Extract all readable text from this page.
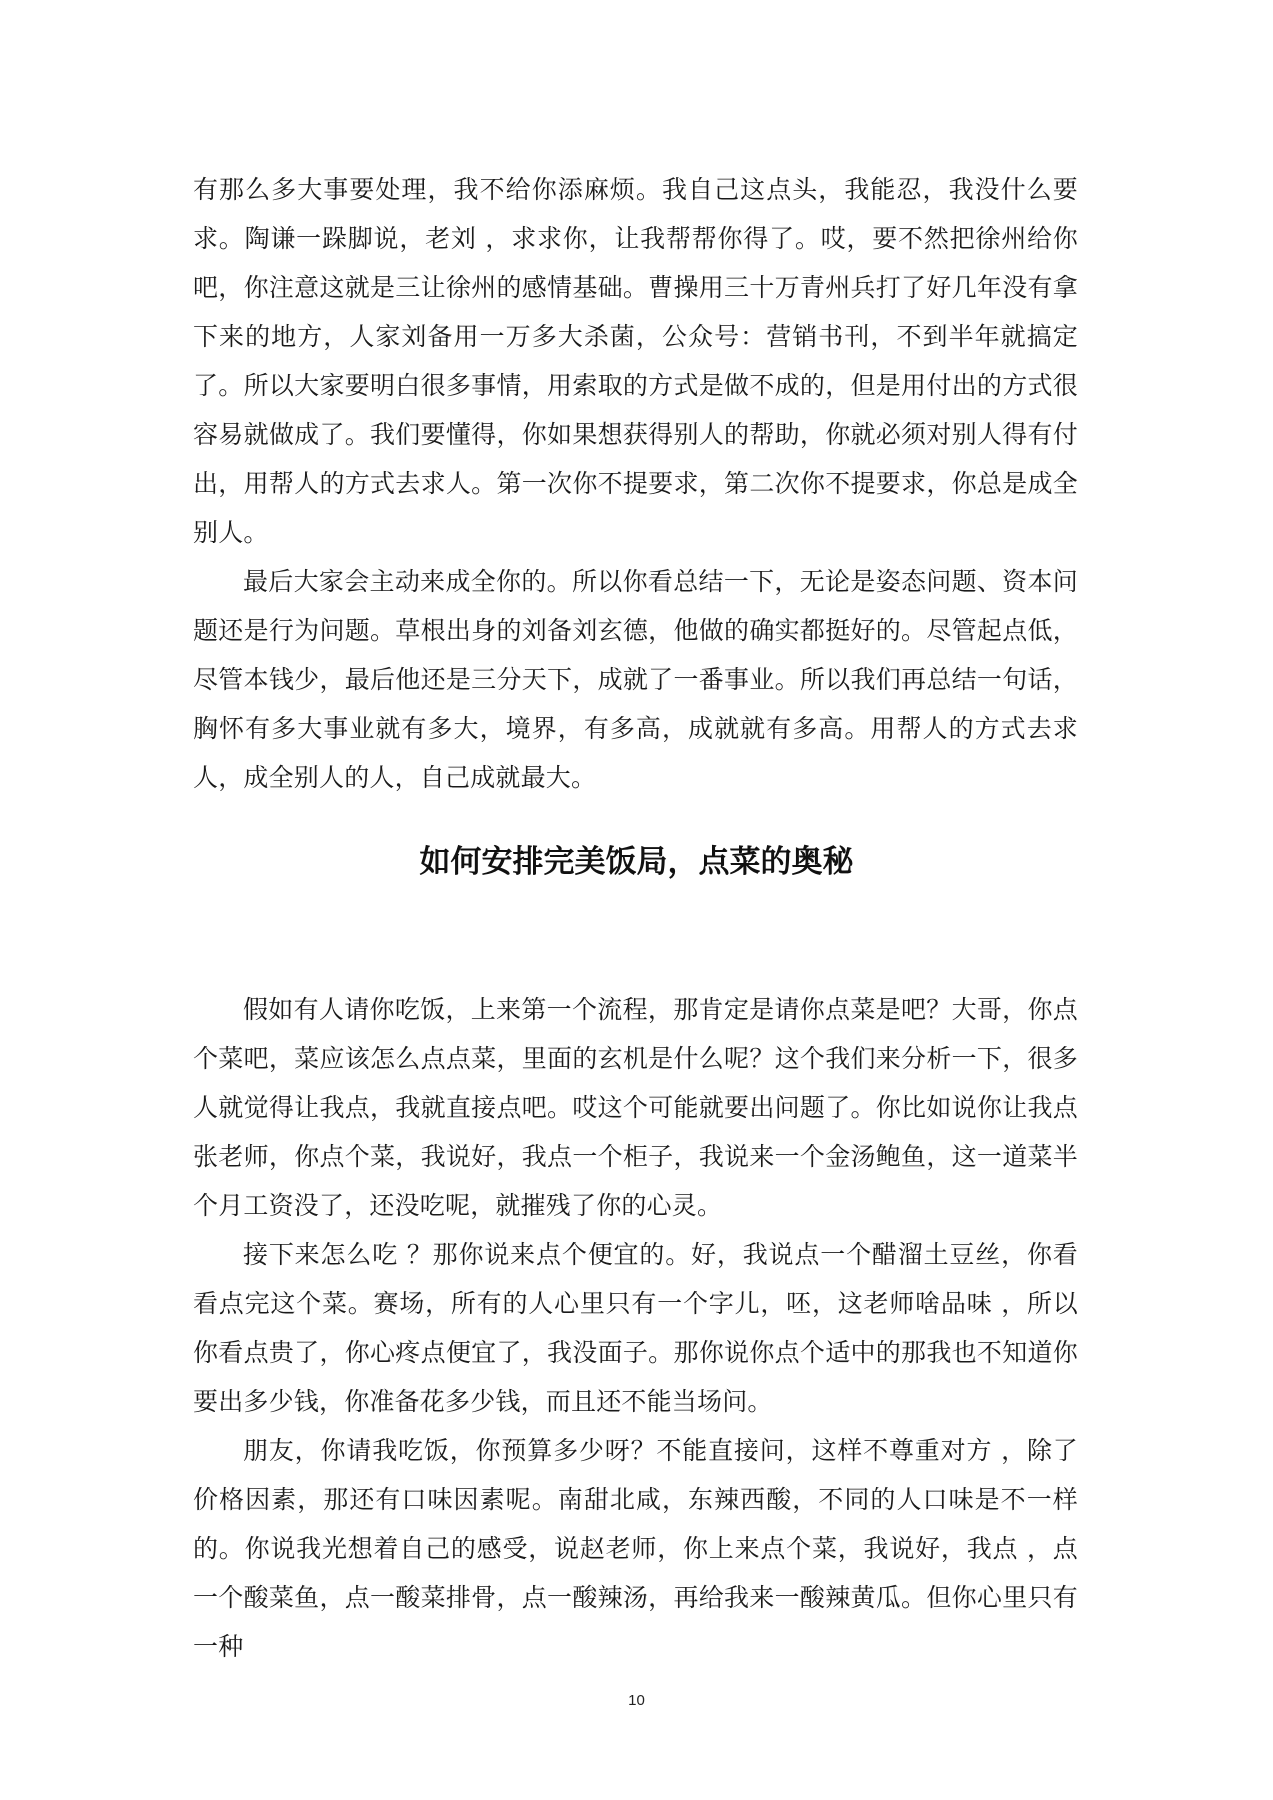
有那么多大事要处理，我不给你添麻烦。我自己这点头，我能忍，我没什么要求。陶谦一跺脚说，老刘 ，求求你，让我帮帮你得了。哎，要不然把徐州给你吧，你注意这就是三让徐州的感情基础。曹操用三十万青州兵打了好几年没有拿下来的地方，人家刘备用一万多大杀菌，公众号：营销书刊，不到半年就搞定了。所以大家要明白很多事情，用索取的方式是做不成的，但是用付出的方式很容易就做成了。我们要懂得，你如果想获得别人的帮助，你就必须对别人得有付出，用帮人的方式去求人。第一次你不提要求，第二次你不提要求，你总是成全别人。

最后大家会主动来成全你的。所以你看总结一下，无论是姿态问题、资本问题还是行为问题。草根出身的刘备刘玄德，他做的确实都挺好的。尽管起点低，尽管本钱少，最后他还是三分天下，成就了一番事业。所以我们再总结一句话，胸怀有多大事业就有多大，境界，有多高，成就就有多高。用帮人的方式去求人，成全别人的人，自己成就最大。

如何安排完美饭局，点菜的奥秘

假如有人请你吃饭，上来第一个流程，那肯定是请你点菜是吧？大哥，你点个菜吧，菜应该怎么点点菜，里面的玄机是什么呢？这个我们来分析一下，很多人就觉得让我点，我就直接点吧。哎这个可能就要出问题了。你比如说你让我点张老师，你点个菜，我说好，我点一个柜子，我说来一个金汤鲍鱼，这一道菜半个月工资没了，还没吃呢，就摧残了你的心灵。

接下来怎么吃 ？那你说来点个便宜的。好，我说点一个醋溜土豆丝，你看看点完这个菜。赛场，所有的人心里只有一个字儿，呸，这老师啥品味 ，所以你看点贵了，你心疼点便宜了，我没面子。那你说你点个适中的那我也不知道你要出多少钱，你准备花多少钱，而且还不能当场问。

朋友，你请我吃饭，你预算多少呀？不能直接问，这样不尊重对方 ，除了价格因素，那还有口味因素呢。南甜北咸，东辣西酸，不同的人口味是不一样的。你说我光想着自己的感受，说赵老师，你上来点个菜，我说好，我点 ，点一个酸菜鱼，点一酸菜排骨，点一酸辣汤，再给我来一酸辣黄瓜。但你心里只有一种

10
